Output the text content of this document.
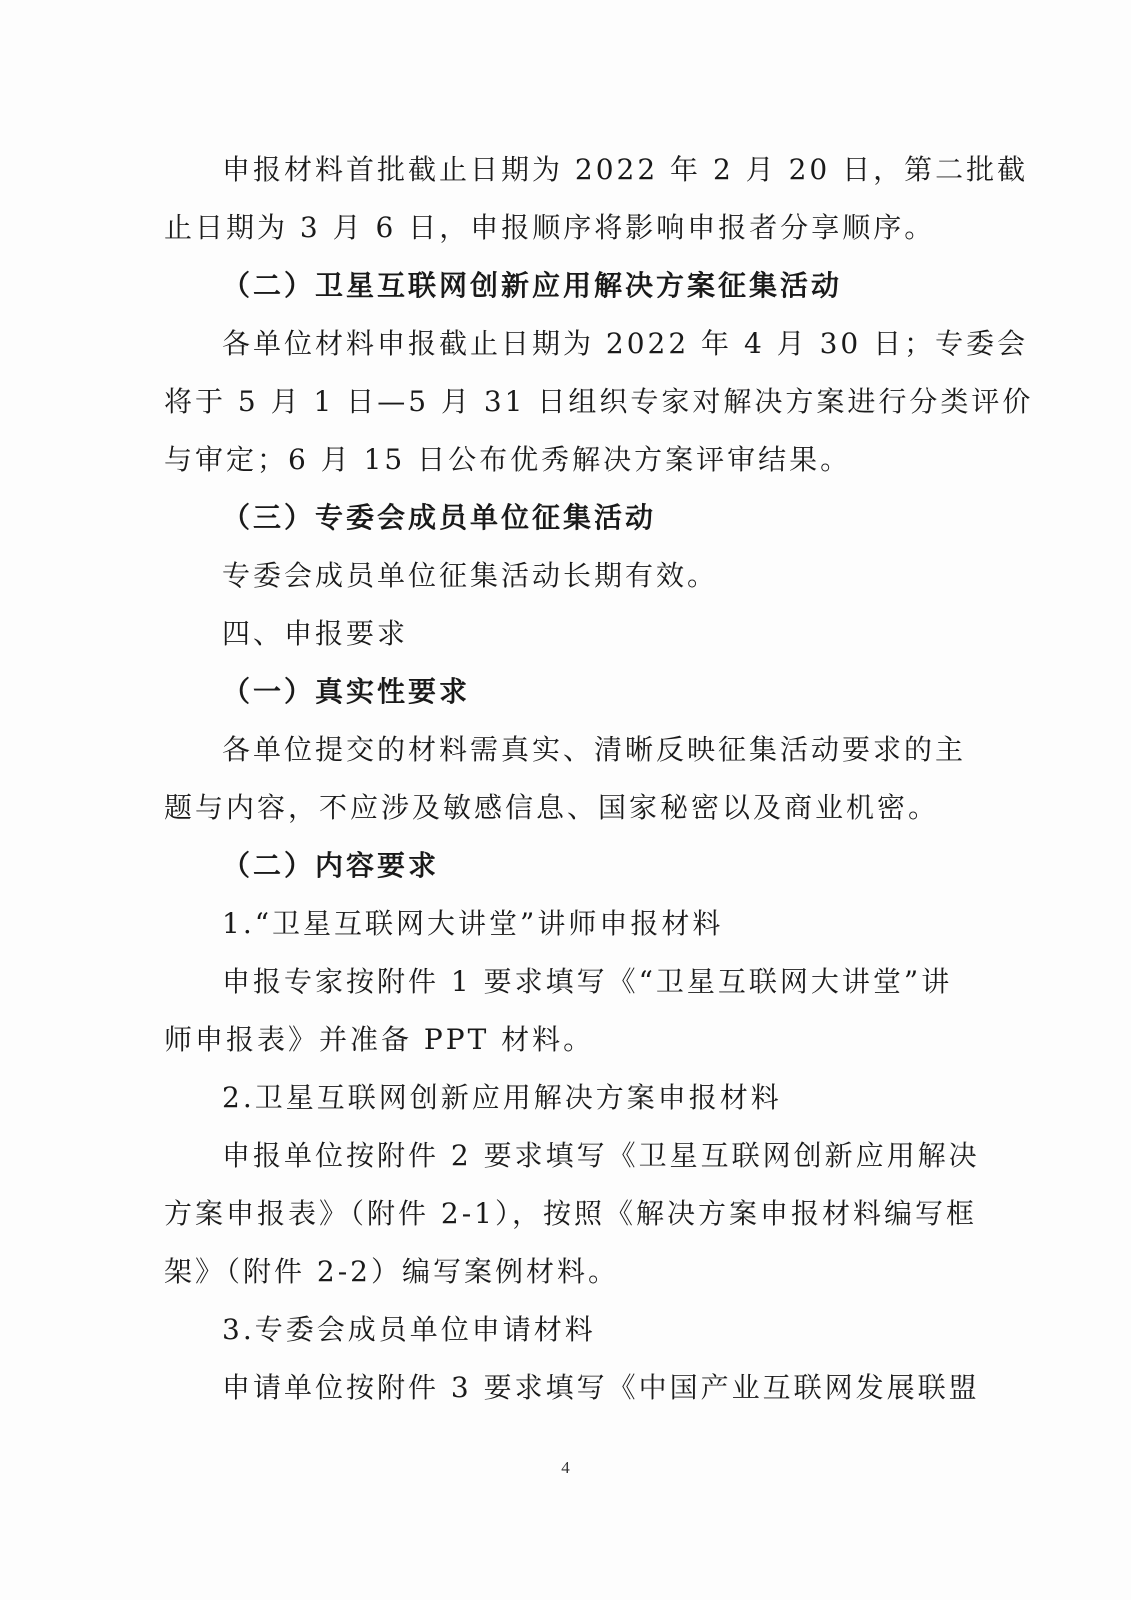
申报材料首批截止日期为 2022 年 2 月 20 日，第二批截
止日期为 3 月 6 日，申报顺序将影响申报者分享顺序。
（二）卫星互联网创新应用解决方案征集活动
各单位材料申报截止日期为 2022 年 4 月 30 日；专委会
将于 5 月 1 日—5 月 31 日组织专家对解决方案进行分类评价
与审定；6 月 15 日公布优秀解决方案评审结果。
（三）专委会成员单位征集活动
专委会成员单位征集活动长期有效。
四、申报要求
（一）真实性要求
各单位提交的材料需真实、清晰反映征集活动要求的主
题与内容，不应涉及敏感信息、国家秘密以及商业机密。
（二）内容要求
1.“卫星互联网大讲堂”讲师申报材料
申报专家按附件 1 要求填写《“卫星互联网大讲堂”讲
师申报表》并准备 PPT 材料。
2.卫星互联网创新应用解决方案申报材料
申报单位按附件 2 要求填写《卫星互联网创新应用解决
方案申报表》（附件 2-1），按照《解决方案申报材料编写框
架》（附件 2-2）编写案例材料。
3.专委会成员单位申请材料
申请单位按附件 3 要求填写《中国产业互联网发展联盟
4
